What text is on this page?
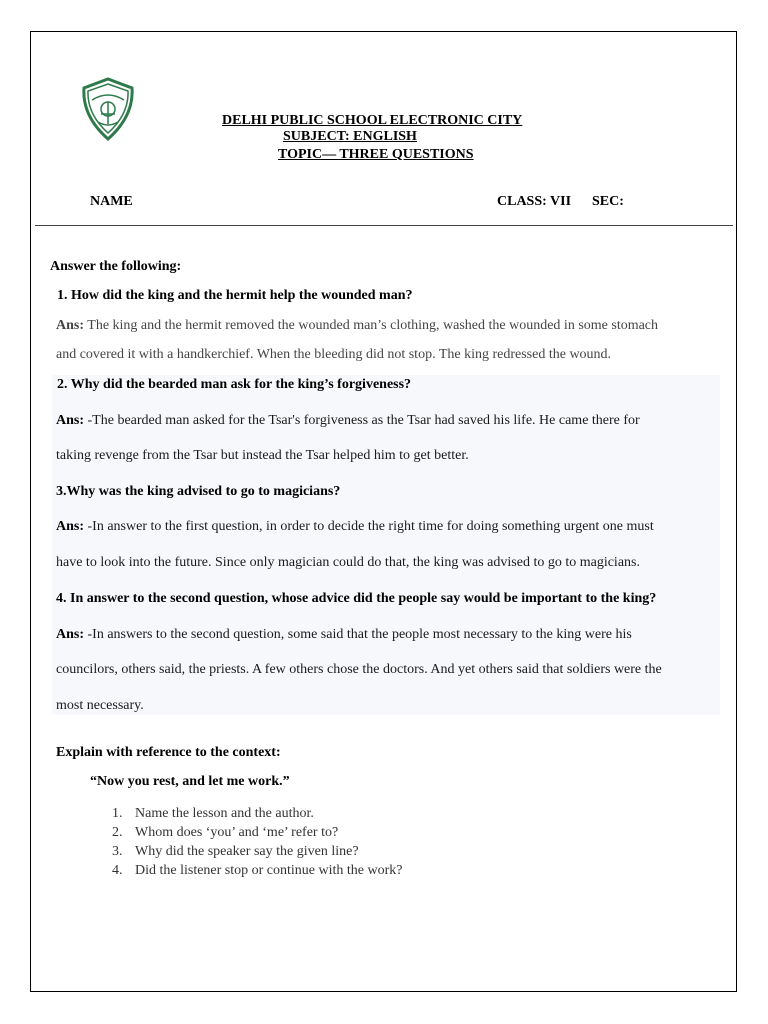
DELHI PUBLIC SCHOOL ELECTRONIC CITY
SUBJECT: ENGLISH
TOPIC— THREE QUESTIONS
NAME	CLASS: VII SEC:
Answer the following:
1. How did the king and the hermit help the wounded man?
Ans: The king and the hermit removed the wounded man’s clothing, washed the wounded in some stomach
and covered it with a handkerchief. When the bleeding did not stop. The king redressed the wound.
2. Why did the bearded man ask for the king’s forgiveness?
Ans: -The bearded man asked for the Tsar's forgiveness as the Tsar had saved his life. He came there for
taking revenge from the Tsar but instead the Tsar helped him to get better.
3.Why was the king advised to go to magicians?
Ans: -In answer to the first question, in order to decide the right time for doing something urgent one must
have to look into the future. Since only magician could do that, the king was advised to go to magicians.
4. In answer to the second question, whose advice did the people say would be important to the king?
Ans: -In answers to the second question, some said that the people most necessary to the king were his
councilors, others said, the priests. A few others chose the doctors. And yet others said that soldiers were the
most necessary.
Explain with reference to the context:
“Now you rest, and let me work.”
1. Name the lesson and the author.
2. Whom does ‘you’ and ‘me’ refer to?
3. Why did the speaker say the given line?
4. Did the listener stop or continue with the work?
